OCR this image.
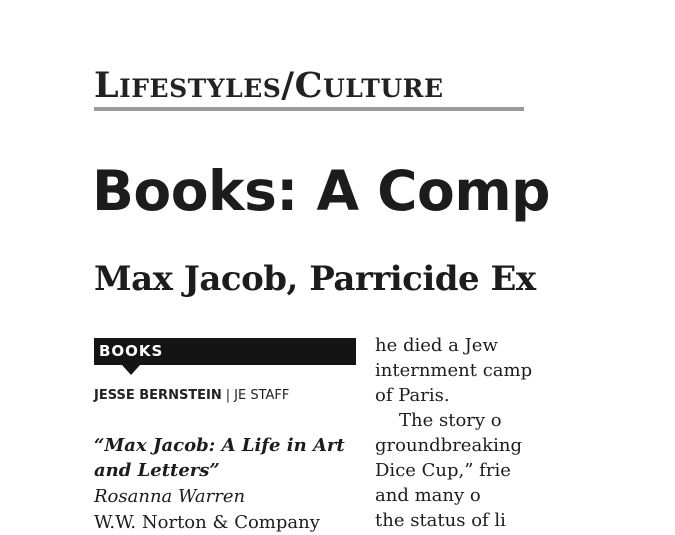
Lifestyles/Culture
Books: A Comp
Max Jacob, Parricide Ex
BOOKS
JESSE BERNSTEIN | JE STAFF
“Max Jacob: A Life in Art and Letters”
Rosanna Warren
W.W. Norton & Company
he died a Jew
internment camp
of Paris.
The story o
groundbreaking
Dice Cup,” frie
and many o
the status of li
